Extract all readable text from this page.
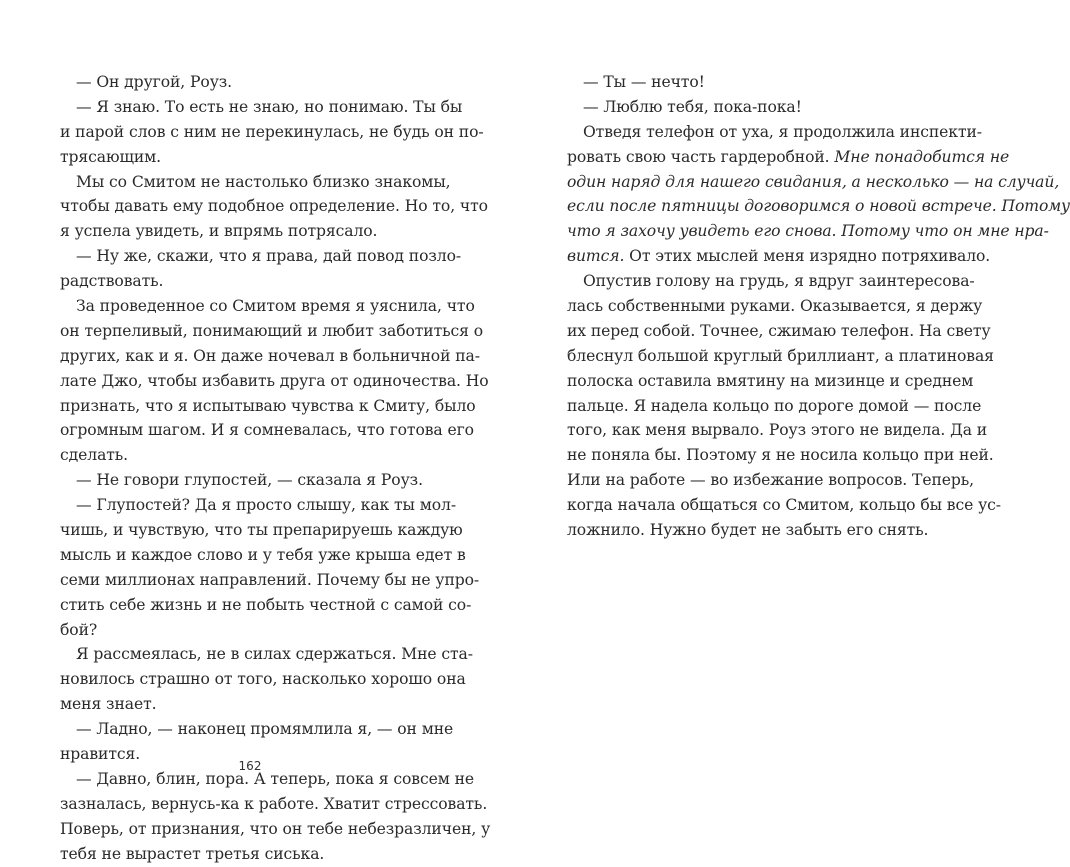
— Он другой, Роуз.
— Я знаю. То есть не знаю, но понимаю. Ты бы
и парой слов с ним не перекинулась, не будь он по-
трясающим.
Мы со Смитом не настолько близко знакомы,
чтобы давать ему подобное определение. Но то, что
я успела увидеть, и впрямь потрясало.
— Ну же, скажи, что я права, дай повод позло-
радствовать.
За проведенное со Смитом время я уяснила, что
он терпеливый, понимающий и любит заботиться о
других, как и я. Он даже ночевал в больничной па-
лате Джо, чтобы избавить друга от одиночества. Но
признать, что я испытываю чувства к Смиту, было
огромным шагом. И я сомневалась, что готова его
сделать.
— Не говори глупостей, — сказала я Роуз.
— Глупостей? Да я просто слышу, как ты мол-
чишь, и чувствую, что ты препарируешь каждую
мысль и каждое слово и у тебя уже крыша едет в
семи миллионах направлений. Почему бы не упро-
стить себе жизнь и не побыть честной с самой со-
бой?
Я рассмеялась, не в силах сдержаться. Мне ста-
новилось страшно от того, насколько хорошо она
меня знает.
— Ладно, — наконец промямлила я, — он мне
нравится.
— Давно, блин, пора. А теперь, пока я совсем не
зазналась, вернусь-ка к работе. Хватит стрессовать.
Поверь, от признания, что он тебе небезразличен, у
тебя не вырастет третья сиська.
— Ты — нечто!
— Люблю тебя, пока-пока!
Отведя телефон от уха, я продолжила инспекти-
ровать свою часть гардеробной. Мне понадобится не
один наряд для нашего свидания, а несколько — на случай,
если после пятницы договоримся о новой встрече. Потому
что я захочу увидеть его снова. Потому что он мне нра-
вится. От этих мыслей меня изрядно потряхивало.
Опустив голову на грудь, я вдруг заинтересова-
лась собственными руками. Оказывается, я держу
их перед собой. Точнее, сжимаю телефон. На свету
блеснул большой круглый бриллиант, а платиновая
полоска оставила вмятину на мизинце и среднем
пальце. Я надела кольцо по дороге домой — после
того, как меня вырвало. Роуз этого не видела. Да и
не поняла бы. Поэтому я не носила кольцо при ней.
Или на работе — во избежание вопросов. Теперь,
когда начала общаться со Смитом, кольцо бы все ус-
ложнило. Нужно будет не забыть его снять.
162
